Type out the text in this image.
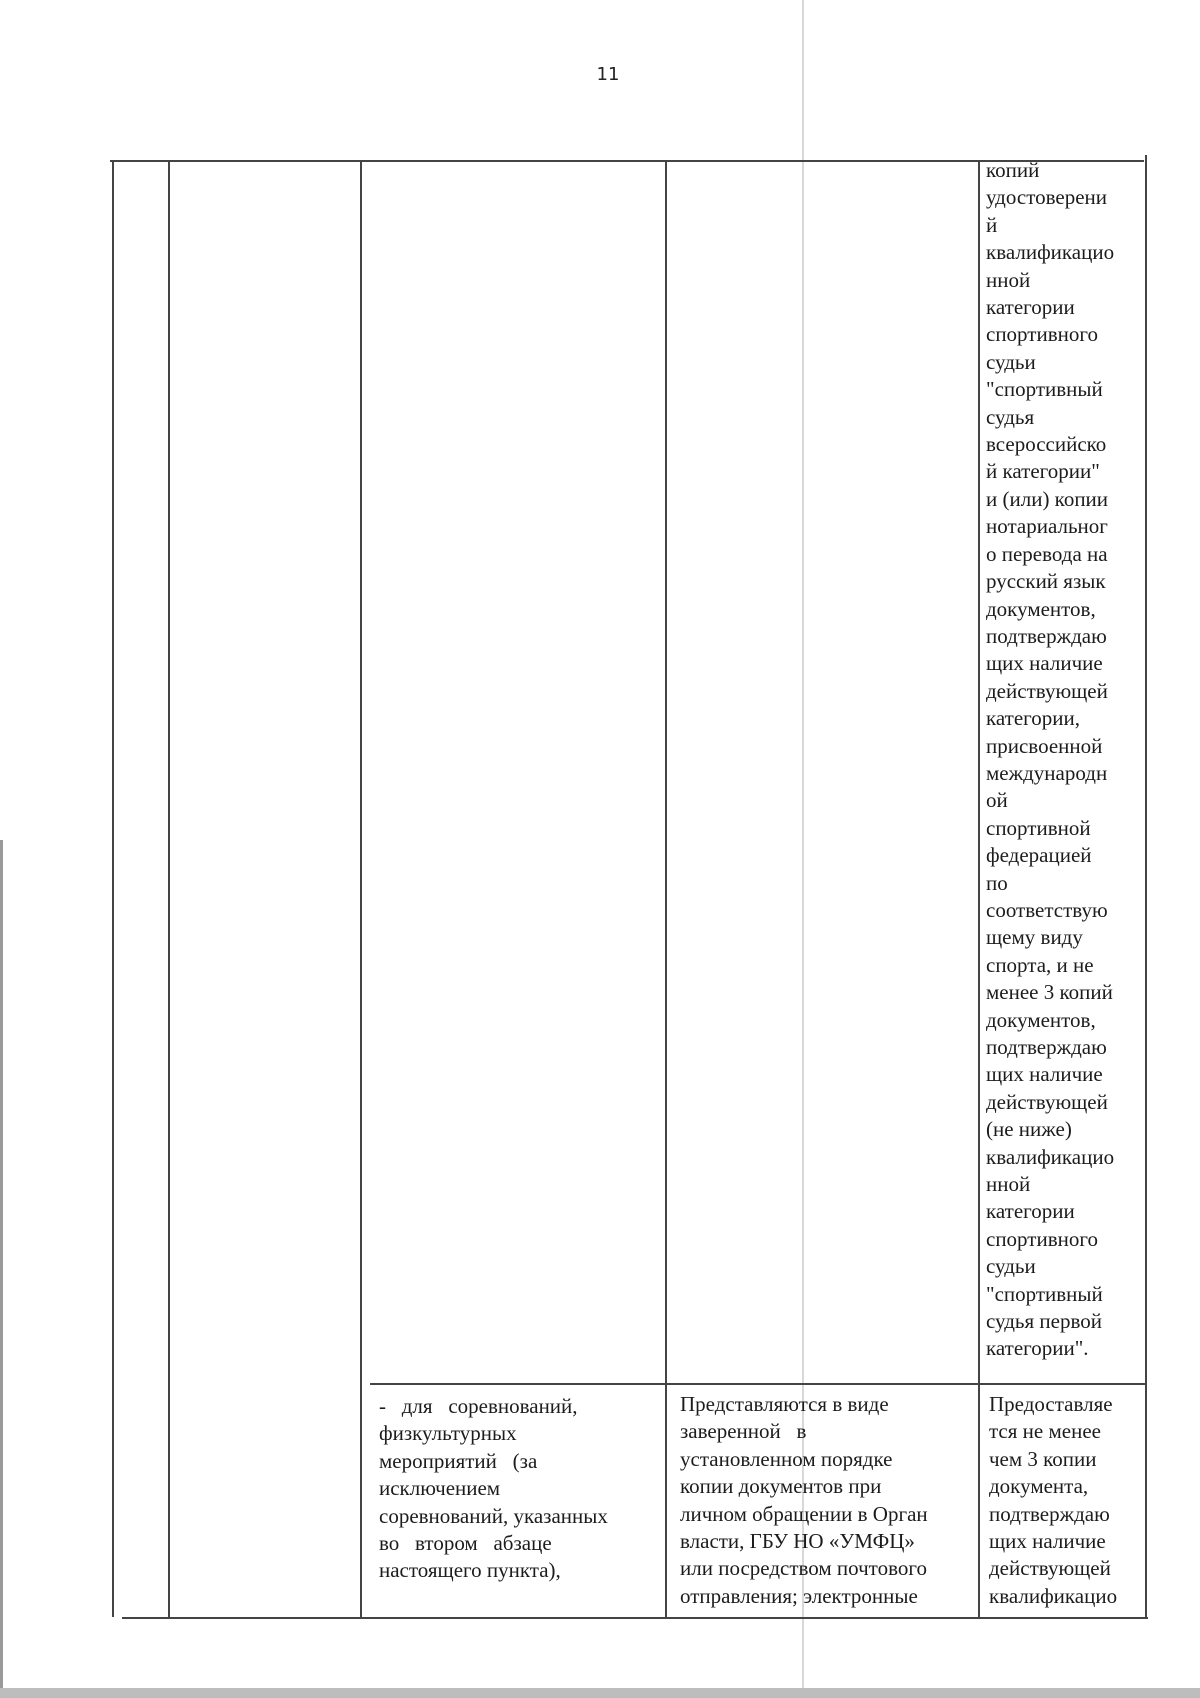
11
копий
удостоверени
й
квалификацио
нной
категории
спортивного
судьи
"спортивный
судья
всероссийско
й категории"
и (или) копии
нотариальног
о перевода на
русский язык
документов,
подтверждаю
щих наличие
действующей
категории,
присвоенной
международн
ой
спортивной
федерацией
по
соответствую
щему виду
спорта, и не
менее 3 копий
документов,
подтверждаю
щих наличие
действующей
(не ниже)
квалификацио
нной
категории
спортивного
судьи
"спортивный
судья первой
категории".
-   для   соревнований,
физкультурных
мероприятий   (за
исключением
соревнований, указанных
во   втором   абзаце
настоящего пункта),
Представляются в виде
заверенной   в
установленном порядке
копии документов при
личном обращении в Орган
власти, ГБУ НО «УМФЦ»
или посредством почтового
отправления; электронные
Предоставляе
тся не менее
чем 3 копии
документа,
подтверждаю
щих наличие
действующей
квалификацио
